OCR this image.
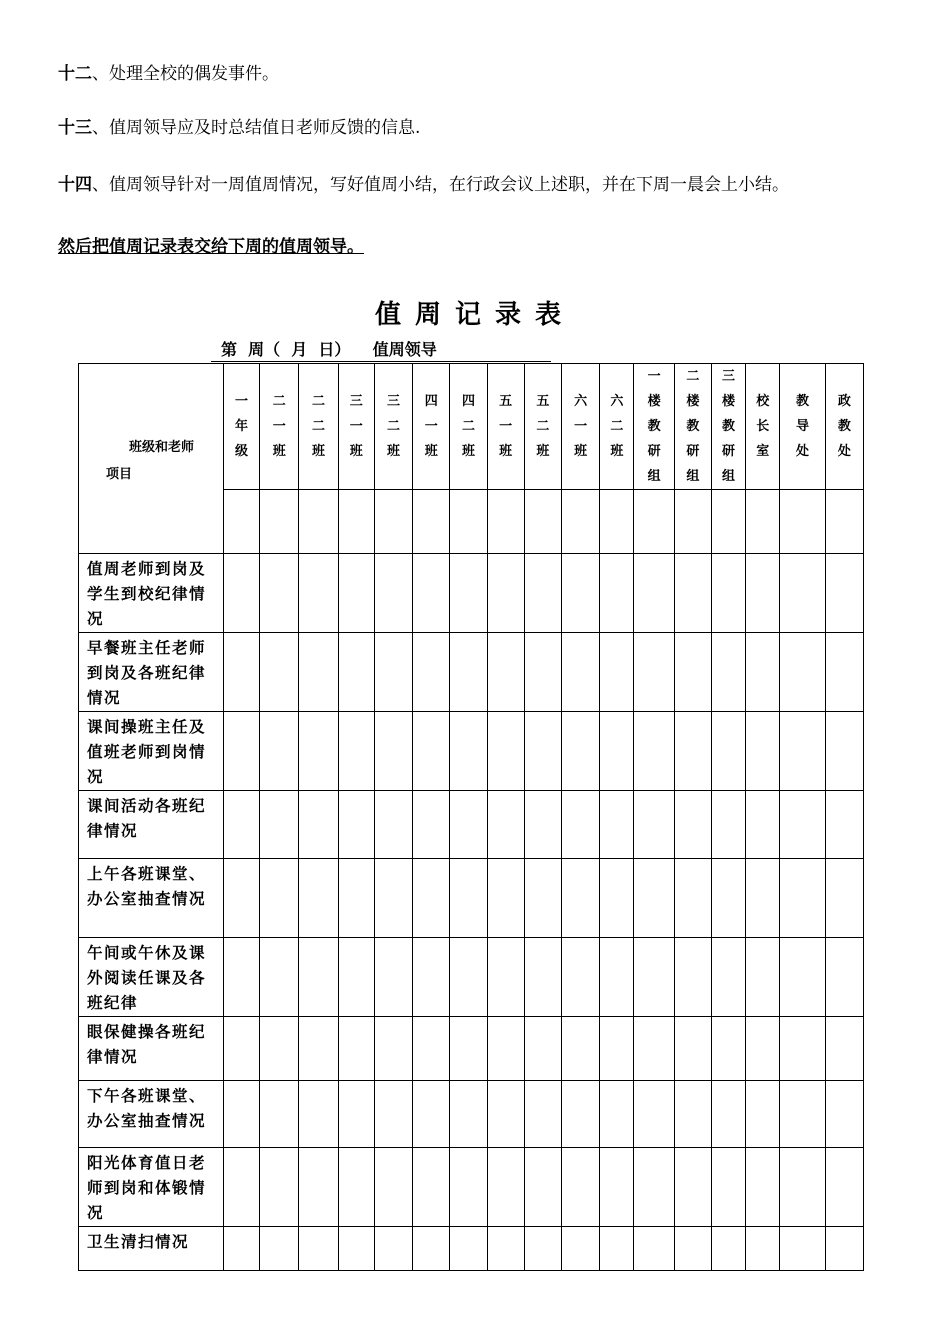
十二、处理全校的偶发事件。
十三、值周领导应及时总结值日老师反馈的信息.
十四、值周领导针对一周值周情况，写好值周小结，在行政会议上述职，并在下周一晨会上小结。
然后把值周记录表交给下周的值周领导。
值周记录表
第  周（  月  日）    值周领导
班级和老师
项目	一
年
级	二
一
班	二
二
班	三
一
班	三
二
班	四
一
班	四
二
班	五
一
班	五
二
班	六
一
班	六
二
班	一
楼
教
研
组	二
楼
教
研
组	三
楼
教
研
组	校
长
室	教
导
处	政
教
处

值周老师到岗及学生到校纪律情况																	
早餐班主任老师到岗及各班纪律情况																	
课间操班主任及值班老师到岗情况																	
课间活动各班纪律情况																	
上午各班课堂、办公室抽查情况																	
午间或午休及课外阅读任课及各班纪律																	
眼保健操各班纪律情况																	
下午各班课堂、办公室抽查情况																	
阳光体育值日老师到岗和体锻情况																	
卫生清扫情况																	
